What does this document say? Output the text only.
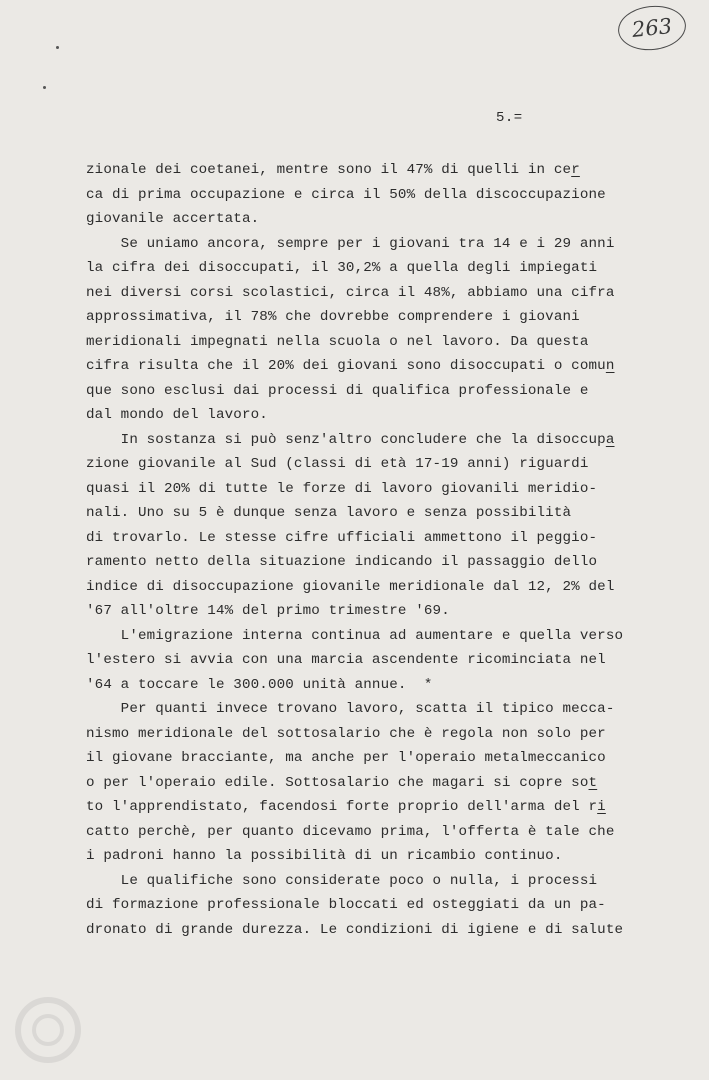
263
5.=
zionale dei coetanei, mentre sono il 47% di quelli in cer
ca di prima occupazione e circa il 50% della discoccupazione
giovanile accertata.
Se uniamo ancora, sempre per i giovani tra 14 e i 29 anni
la cifra dei disoccupati, il 30,2% a quella degli impiegati
nei diversi corsi scolastici, circa il 48%, abbiamo una cifra
approssimativa, il 78% che dovrebbe comprendere i giovani
meridionali impegnati nella scuola o nel lavoro. Da questa
cifra risulta che il 20% dei giovani sono disoccupati o comun
que sono esclusi dai processi di qualifica professionale e
dal mondo del lavoro.
In sostanza si può senz'altro concludere che la disoccupa
zione giovanile al Sud (classi di età 17-19 anni) riguardi
quasi il 20% di tutte le forze di lavoro giovanili meridio-
nali. Uno su 5 è dunque senza lavoro e senza possibilità
di trovarlo. Le stesse cifre ufficiali ammettono il peggio-
ramento netto della situazione indicando il passaggio dello
indice di disoccupazione giovanile meridionale dal 12, 2% del
'67 all'oltre 14% del primo trimestre '69.
L'emigrazione interna continua ad aumentare e quella verso
l'estero si avvia con una marcia ascendente ricominciata nel
'64 a toccare le 300.000 unità annue.  *
Per quanti invece trovano lavoro, scatta il tipico mecca-
nismo meridionale del sottosalario che è regola non solo per
il giovane bracciante, ma anche per l'operaio metalmeccanico
o per l'operaio edile. Sottosalario che magari si copre sot
to l'apprendistato, facendosi forte proprio dell'arma del ri
catto perchè, per quanto dicevamo prima, l'offerta è tale che
i padroni hanno la possibilità di un ricambio continuo.
Le qualifiche sono considerate poco o nulla, i processi
di formazione professionale bloccati ed osteggiati da un pa-
dronato di grande durezza. Le condizioni di igiene e di salute
